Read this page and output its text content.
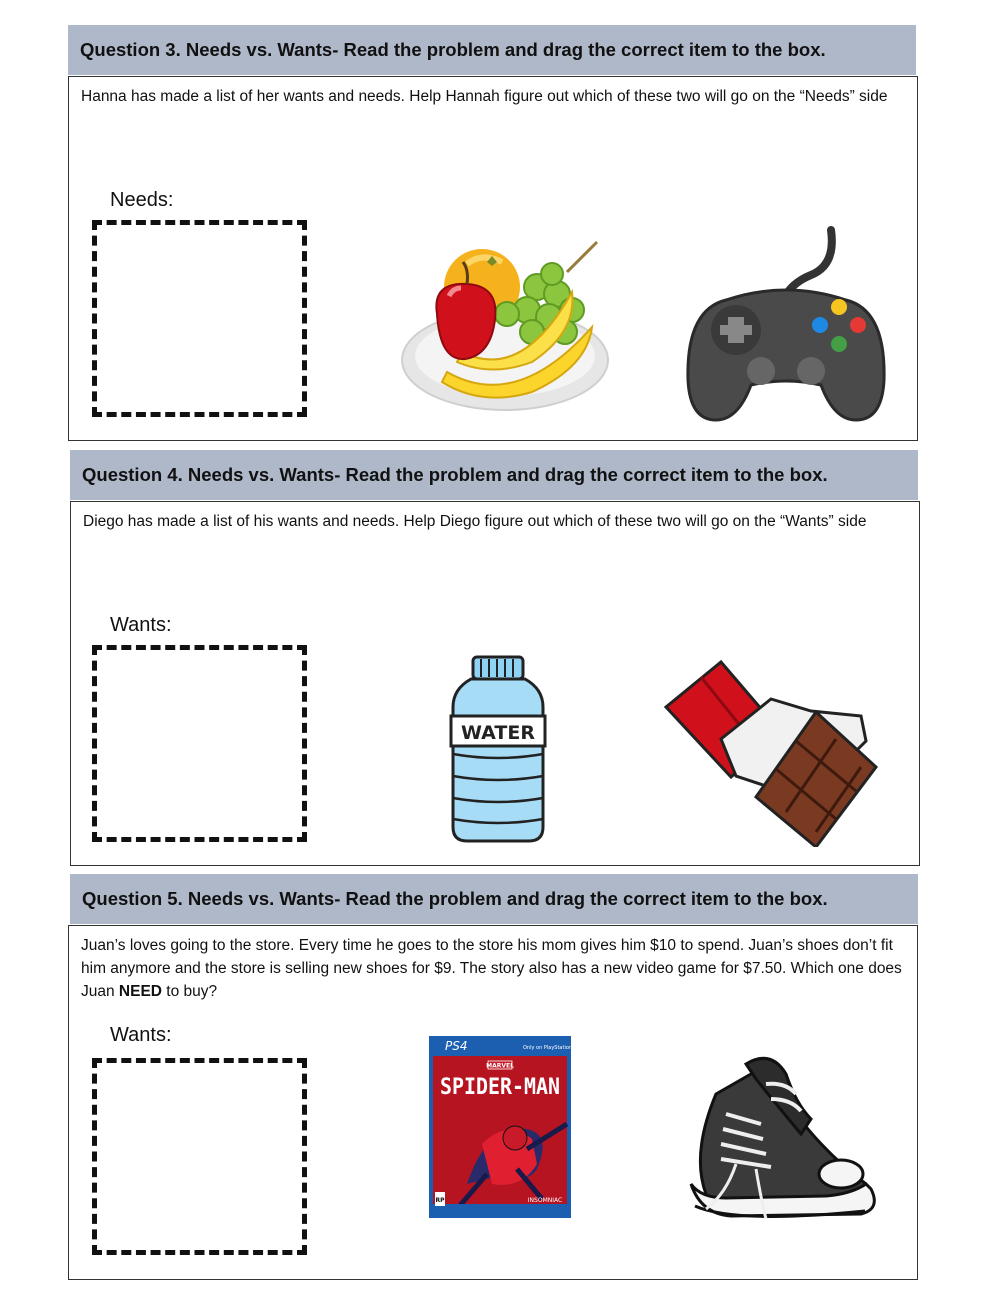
Question 3. Needs vs. Wants- Read the problem and drag the correct item to the box.
Hanna has made a list of her wants and needs. Help Hannah figure out which of these two will go on the “Needs” side
Needs:
Question 4. Needs vs. Wants- Read the problem and drag the correct item to the box.
Diego has made a list of his wants and needs. Help Diego figure out which of these two will go on the “Wants” side
Wants:
WATER
Question 5. Needs vs. Wants- Read the problem and drag the correct item to the box.
Juan’s loves going to the store. Every time he goes to the store his mom gives him $10 to spend. Juan’s shoes don’t fit him anymore and the store is selling new shoes for $9. The story also has a new video game for $7.50. Which one does Juan NEED to buy?
Wants:	PS4	Only on PlayStation
MARVEL
SPIDER-MAN
RP	INSOMNIAC
